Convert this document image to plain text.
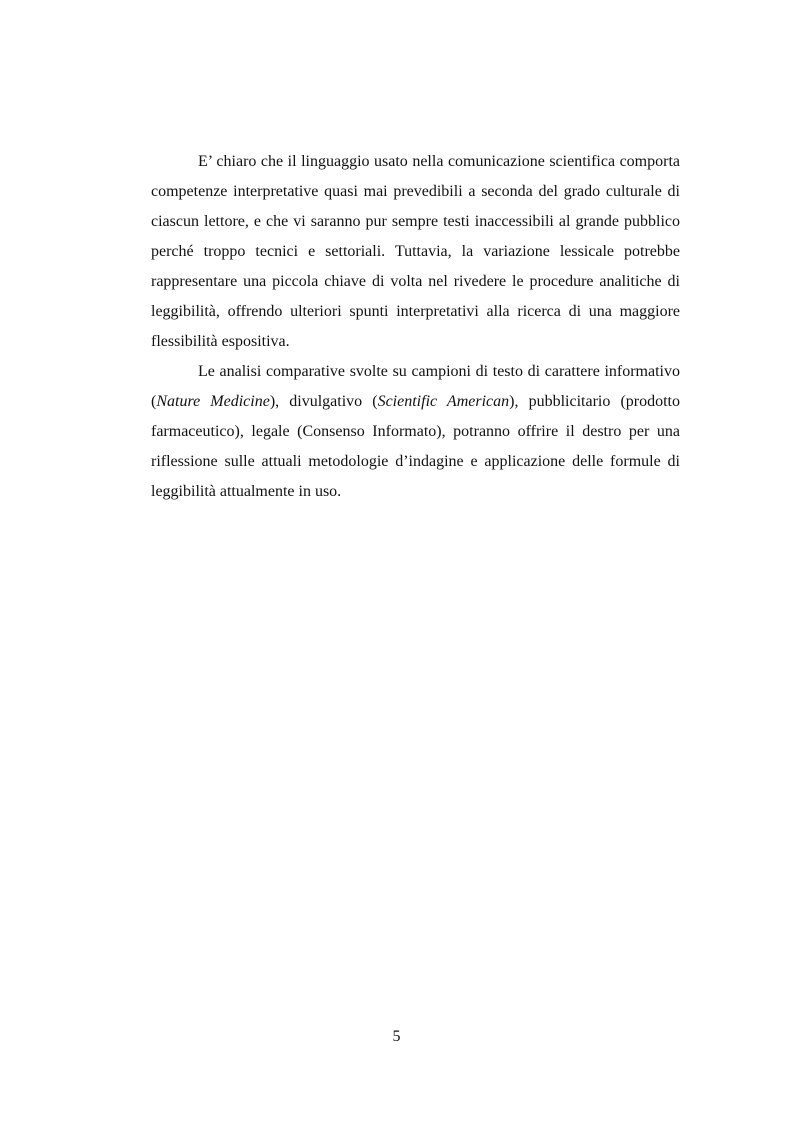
E’ chiaro che il linguaggio usato nella comunicazione scientifica comporta competenze interpretative quasi mai prevedibili a seconda del grado culturale di ciascun lettore, e che vi saranno pur sempre testi inaccessibili al grande pubblico perché troppo tecnici e settoriali. Tuttavia, la variazione lessicale potrebbe rappresentare una piccola chiave di volta nel rivedere le procedure analitiche di leggibilità, offrendo ulteriori spunti interpretativi alla ricerca di una maggiore flessibilità espositiva.

Le analisi comparative svolte su campioni di testo di carattere informativo (Nature Medicine), divulgativo (Scientific American), pubblicitario (prodotto farmaceutico), legale (Consenso Informato), potranno offrire il destro per una riflessione sulle attuali metodologie d’indagine e applicazione delle formule di leggibilità attualmente in uso.

5
